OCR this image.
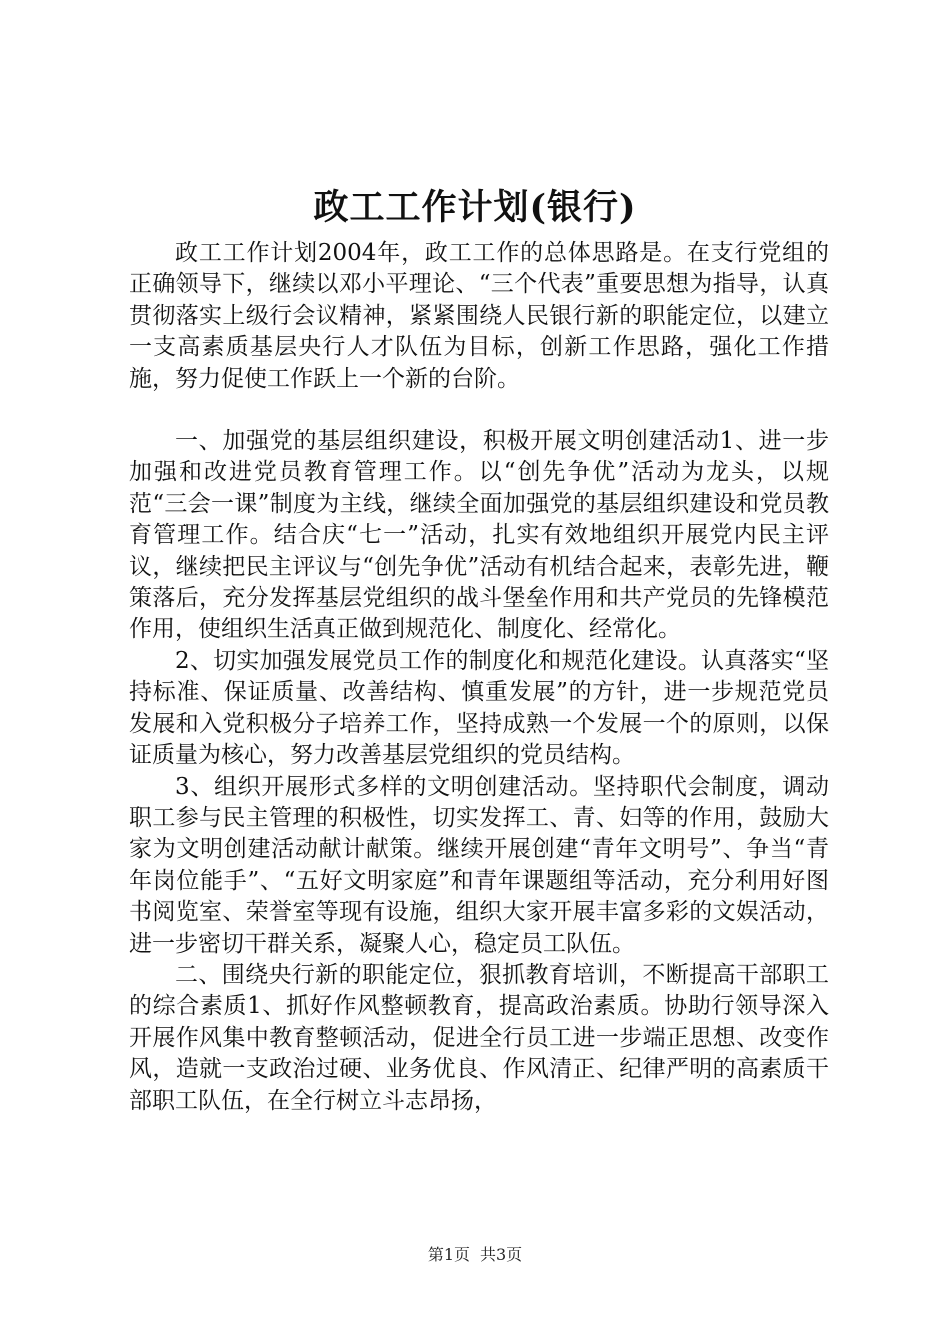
政工工作计划(银行)

政工工作计划2004年，政工工作的总体思路是。在支行党组的正确领导下，继续以邓小平理论、“三个代表”重要思想为指导，认真贯彻落实上级行会议精神，紧紧围绕人民银行新的职能定位，以建立一支高素质基层央行人才队伍为目标，创新工作思路，强化工作措施，努力促使工作跃上一个新的台阶。

一、加强党的基层组织建设，积极开展文明创建活动1、进一步加强和改进党员教育管理工作。以“创先争优”活动为龙头，以规范“三会一课”制度为主线，继续全面加强党的基层组织建设和党员教育管理工作。结合庆“七一”活动，扎实有效地组织开展党内民主评议，继续把民主评议与“创先争优”活动有机结合起来，表彰先进，鞭策落后，充分发挥基层党组织的战斗堡垒作用和共产党员的先锋模范作用，使组织生活真正做到规范化、制度化、经常化。

2、切实加强发展党员工作的制度化和规范化建设。认真落实“坚持标准、保证质量、改善结构、慎重发展”的方针，进一步规范党员发展和入党积极分子培养工作，坚持成熟一个发展一个的原则，以保证质量为核心，努力改善基层党组织的党员结构。

3、组织开展形式多样的文明创建活动。坚持职代会制度，调动职工参与民主管理的积极性，切实发挥工、青、妇等的作用，鼓励大家为文明创建活动献计献策。继续开展创建“青年文明号”、争当“青年岗位能手”、“五好文明家庭”和青年课题组等活动，充分利用好图书阅览室、荣誉室等现有设施，组织大家开展丰富多彩的文娱活动，进一步密切干群关系，凝聚人心，稳定员工队伍。

二、围绕央行新的职能定位，狠抓教育培训，不断提高干部职工的综合素质1、抓好作风整顿教育，提高政治素质。协助行领导深入开展作风集中教育整顿活动，促进全行员工进一步端正思想、改变作风，造就一支政治过硬、业务优良、作风清正、纪律严明的高素质干部职工队伍，在全行树立斗志昂扬，

第1页 共3页
